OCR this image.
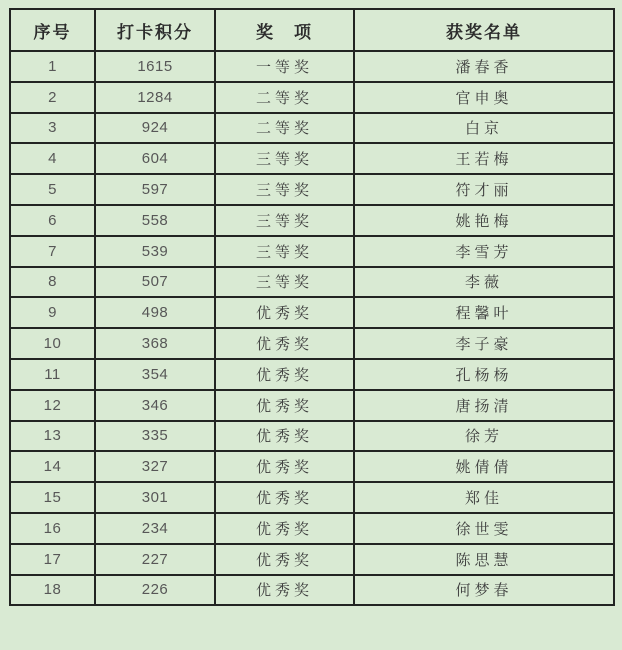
序号	打卡积分	奖　项	获奖名单
1	1615	一等奖	潘春香
2	1284	二等奖	官申奥
3	924	二等奖	白京
4	604	三等奖	王若梅
5	597	三等奖	符才丽
6	558	三等奖	姚艳梅
7	539	三等奖	李雪芳
8	507	三等奖	李薇
9	498	优秀奖	程馨叶
10	368	优秀奖	李子豪
11	354	优秀奖	孔杨杨
12	346	优秀奖	唐扬清
13	335	优秀奖	徐芳
14	327	优秀奖	姚倩倩
15	301	优秀奖	郑佳
16	234	优秀奖	徐世雯
17	227	优秀奖	陈思慧
18	226	优秀奖	何梦春
